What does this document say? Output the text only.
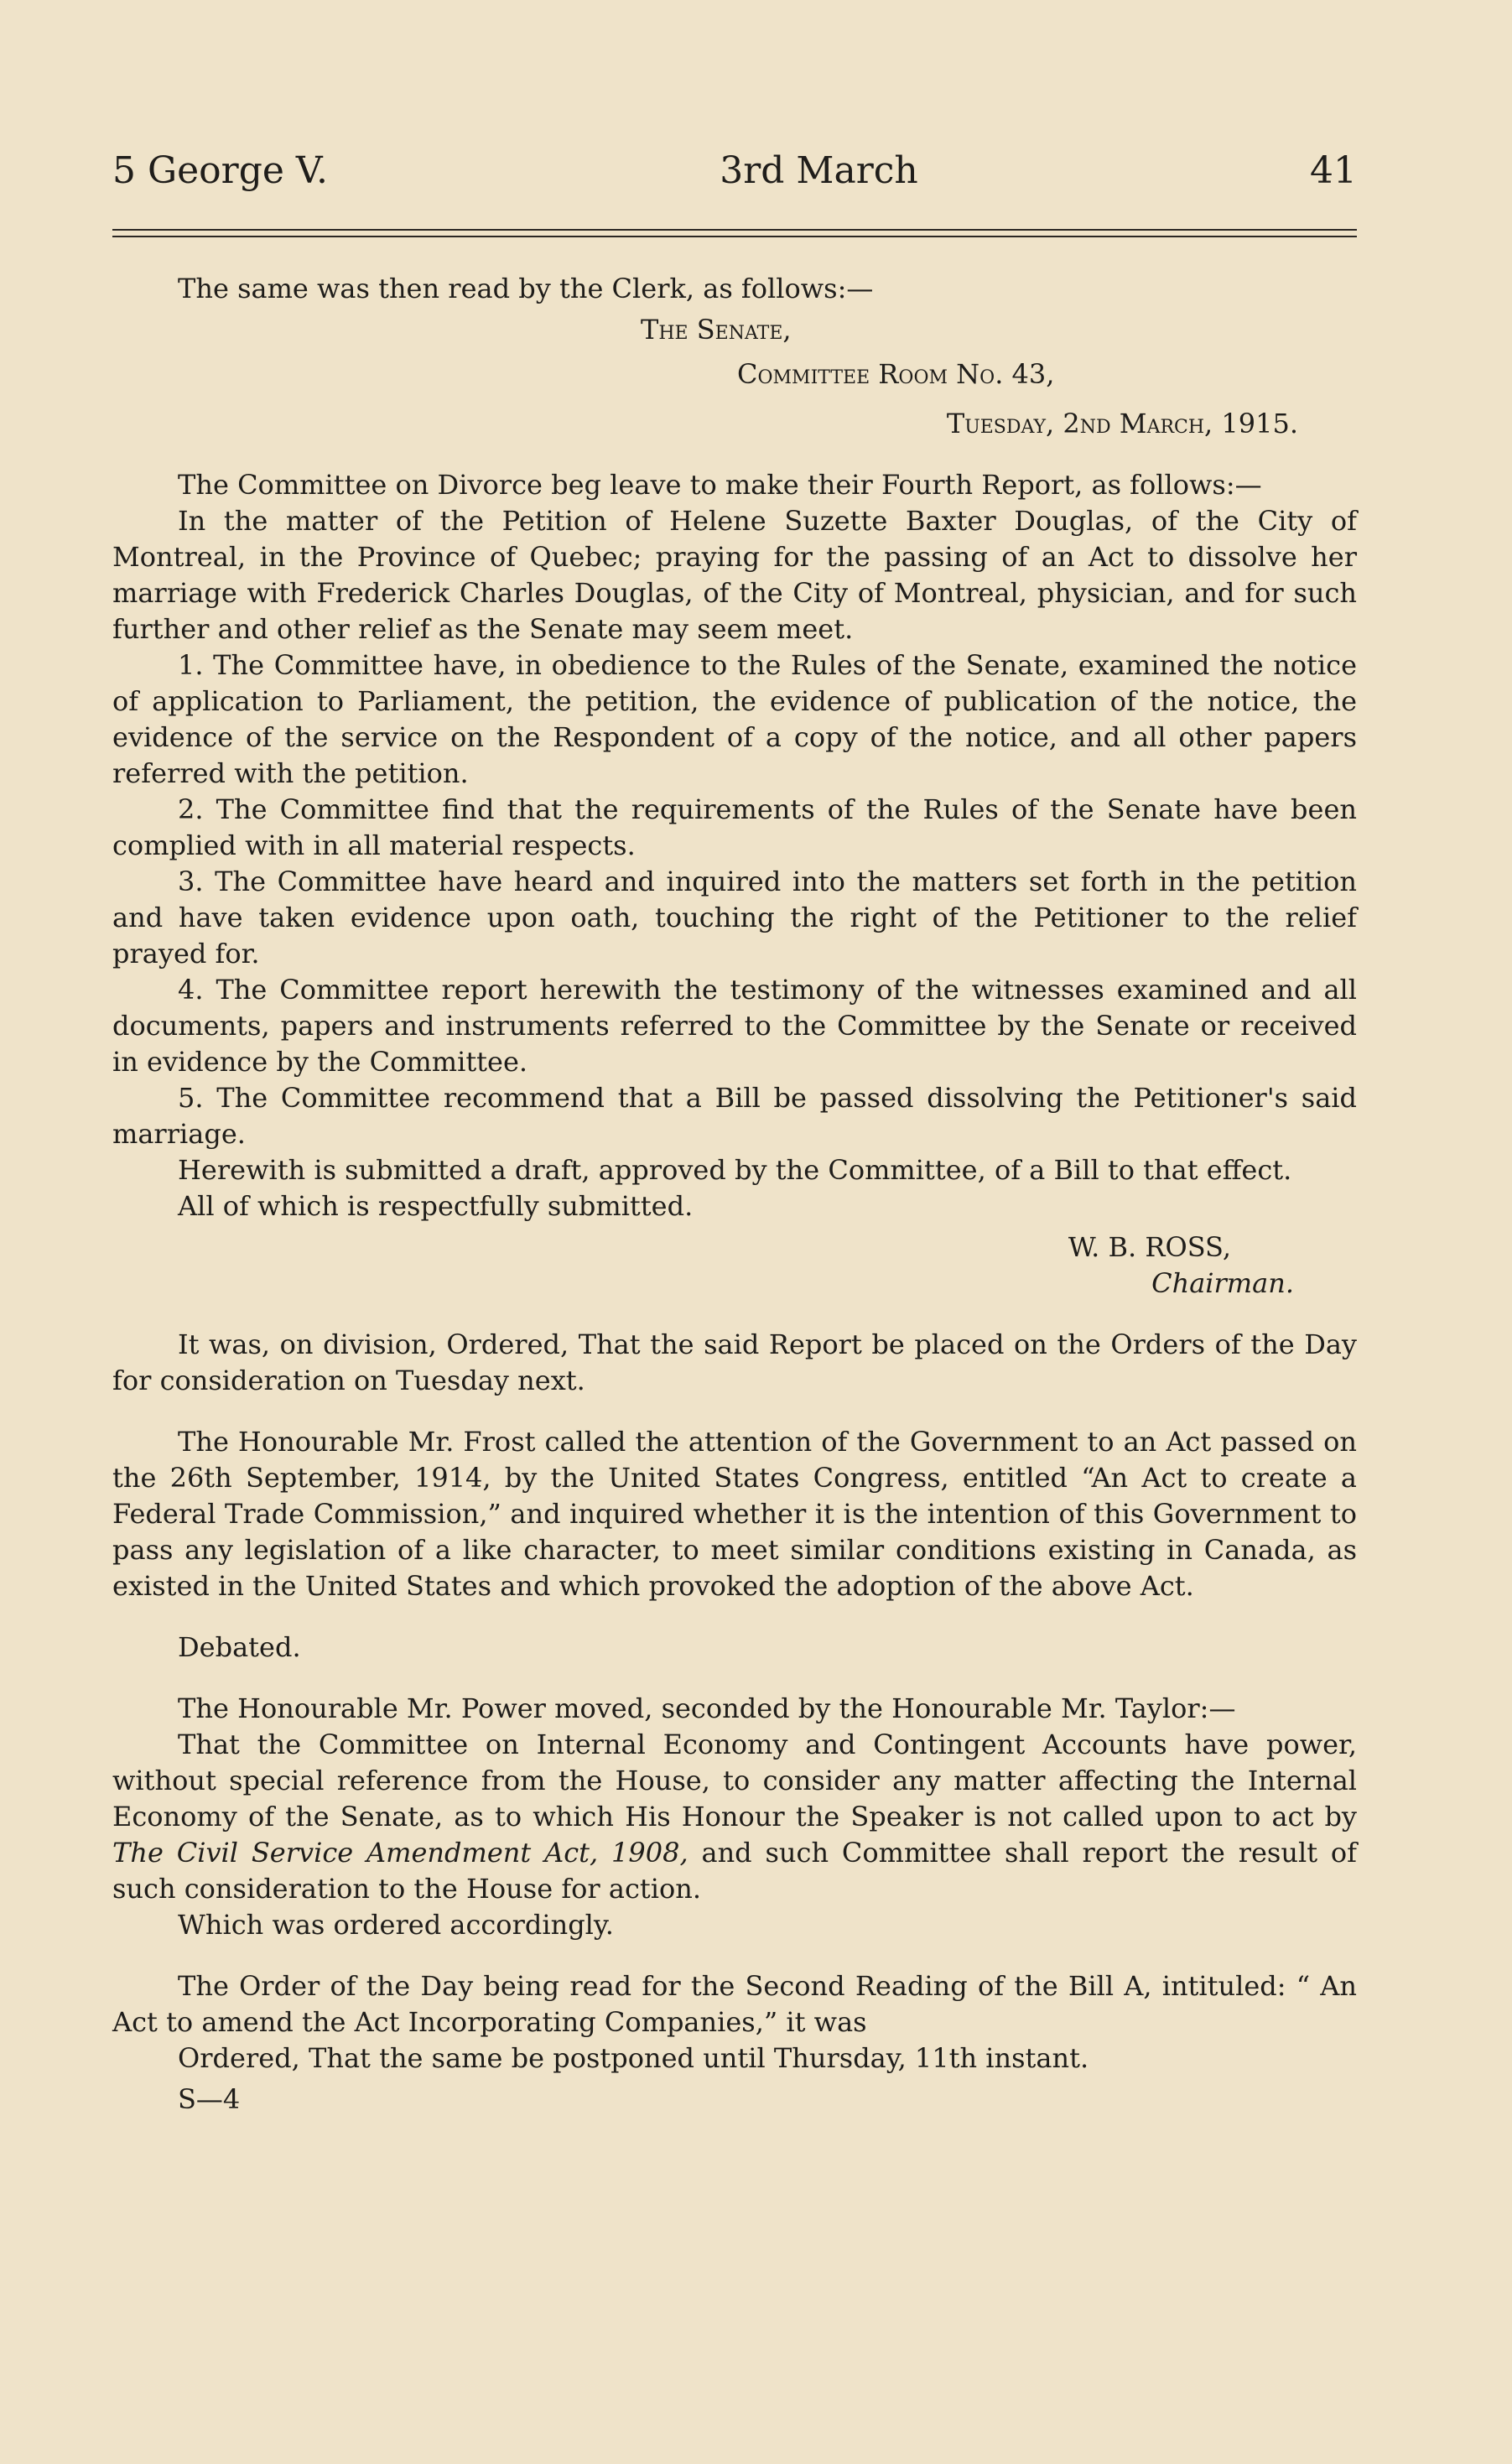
5 George V.	3rd March	41

The same was then read by the Clerk, as follows:—

The Senate,

Committee Room No. 43,

Tuesday, 2nd March, 1915.

The Committee on Divorce beg leave to make their Fourth Report, as follows:—

In the matter of the Petition of Helene Suzette Baxter Douglas, of the City of Montreal, in the Province of Quebec; praying for the passing of an Act to dissolve her marriage with Frederick Charles Douglas, of the City of Montreal, physician, and for such further and other relief as the Senate may seem meet.

1. The Committee have, in obedience to the Rules of the Senate, examined the notice of application to Parliament, the petition, the evidence of publication of the notice, the evidence of the service on the Respondent of a copy of the notice, and all other papers referred with the petition.

2. The Committee find that the requirements of the Rules of the Senate have been complied with in all material respects.

3. The Committee have heard and inquired into the matters set forth in the petition and have taken evidence upon oath, touching the right of the Petitioner to the relief prayed for.

4. The Committee report herewith the testimony of the witnesses examined and all documents, papers and instruments referred to the Committee by the Senate or received in evidence by the Committee.

5. The Committee recommend that a Bill be passed dissolving the Petitioner's said marriage.

Herewith is submitted a draft, approved by the Committee, of a Bill to that effect.

All of which is respectfully submitted.

W. B. ROSS,

Chairman.

It was, on division, Ordered, That the said Report be placed on the Orders of the Day for consideration on Tuesday next.

The Honourable Mr. Frost called the attention of the Government to an Act passed on the 26th September, 1914, by the United States Congress, entitled “An Act to create a Federal Trade Commission,” and inquired whether it is the intention of this Government to pass any legislation of a like character, to meet similar conditions existing in Canada, as existed in the United States and which provoked the adoption of the above Act.

Debated.

The Honourable Mr. Power moved, seconded by the Honourable Mr. Taylor:—

That the Committee on Internal Economy and Contingent Accounts have power, without special reference from the House, to consider any matter affecting the Internal Economy of the Senate, as to which His Honour the Speaker is not called upon to act by The Civil Service Amendment Act, 1908, and such Committee shall report the result of such consideration to the House for action.

Which was ordered accordingly.

The Order of the Day being read for the Second Reading of the Bill A, intituled: “ An Act to amend the Act Incorporating Companies,” it was

Ordered, That the same be postponed until Thursday, 11th instant.

S—4
